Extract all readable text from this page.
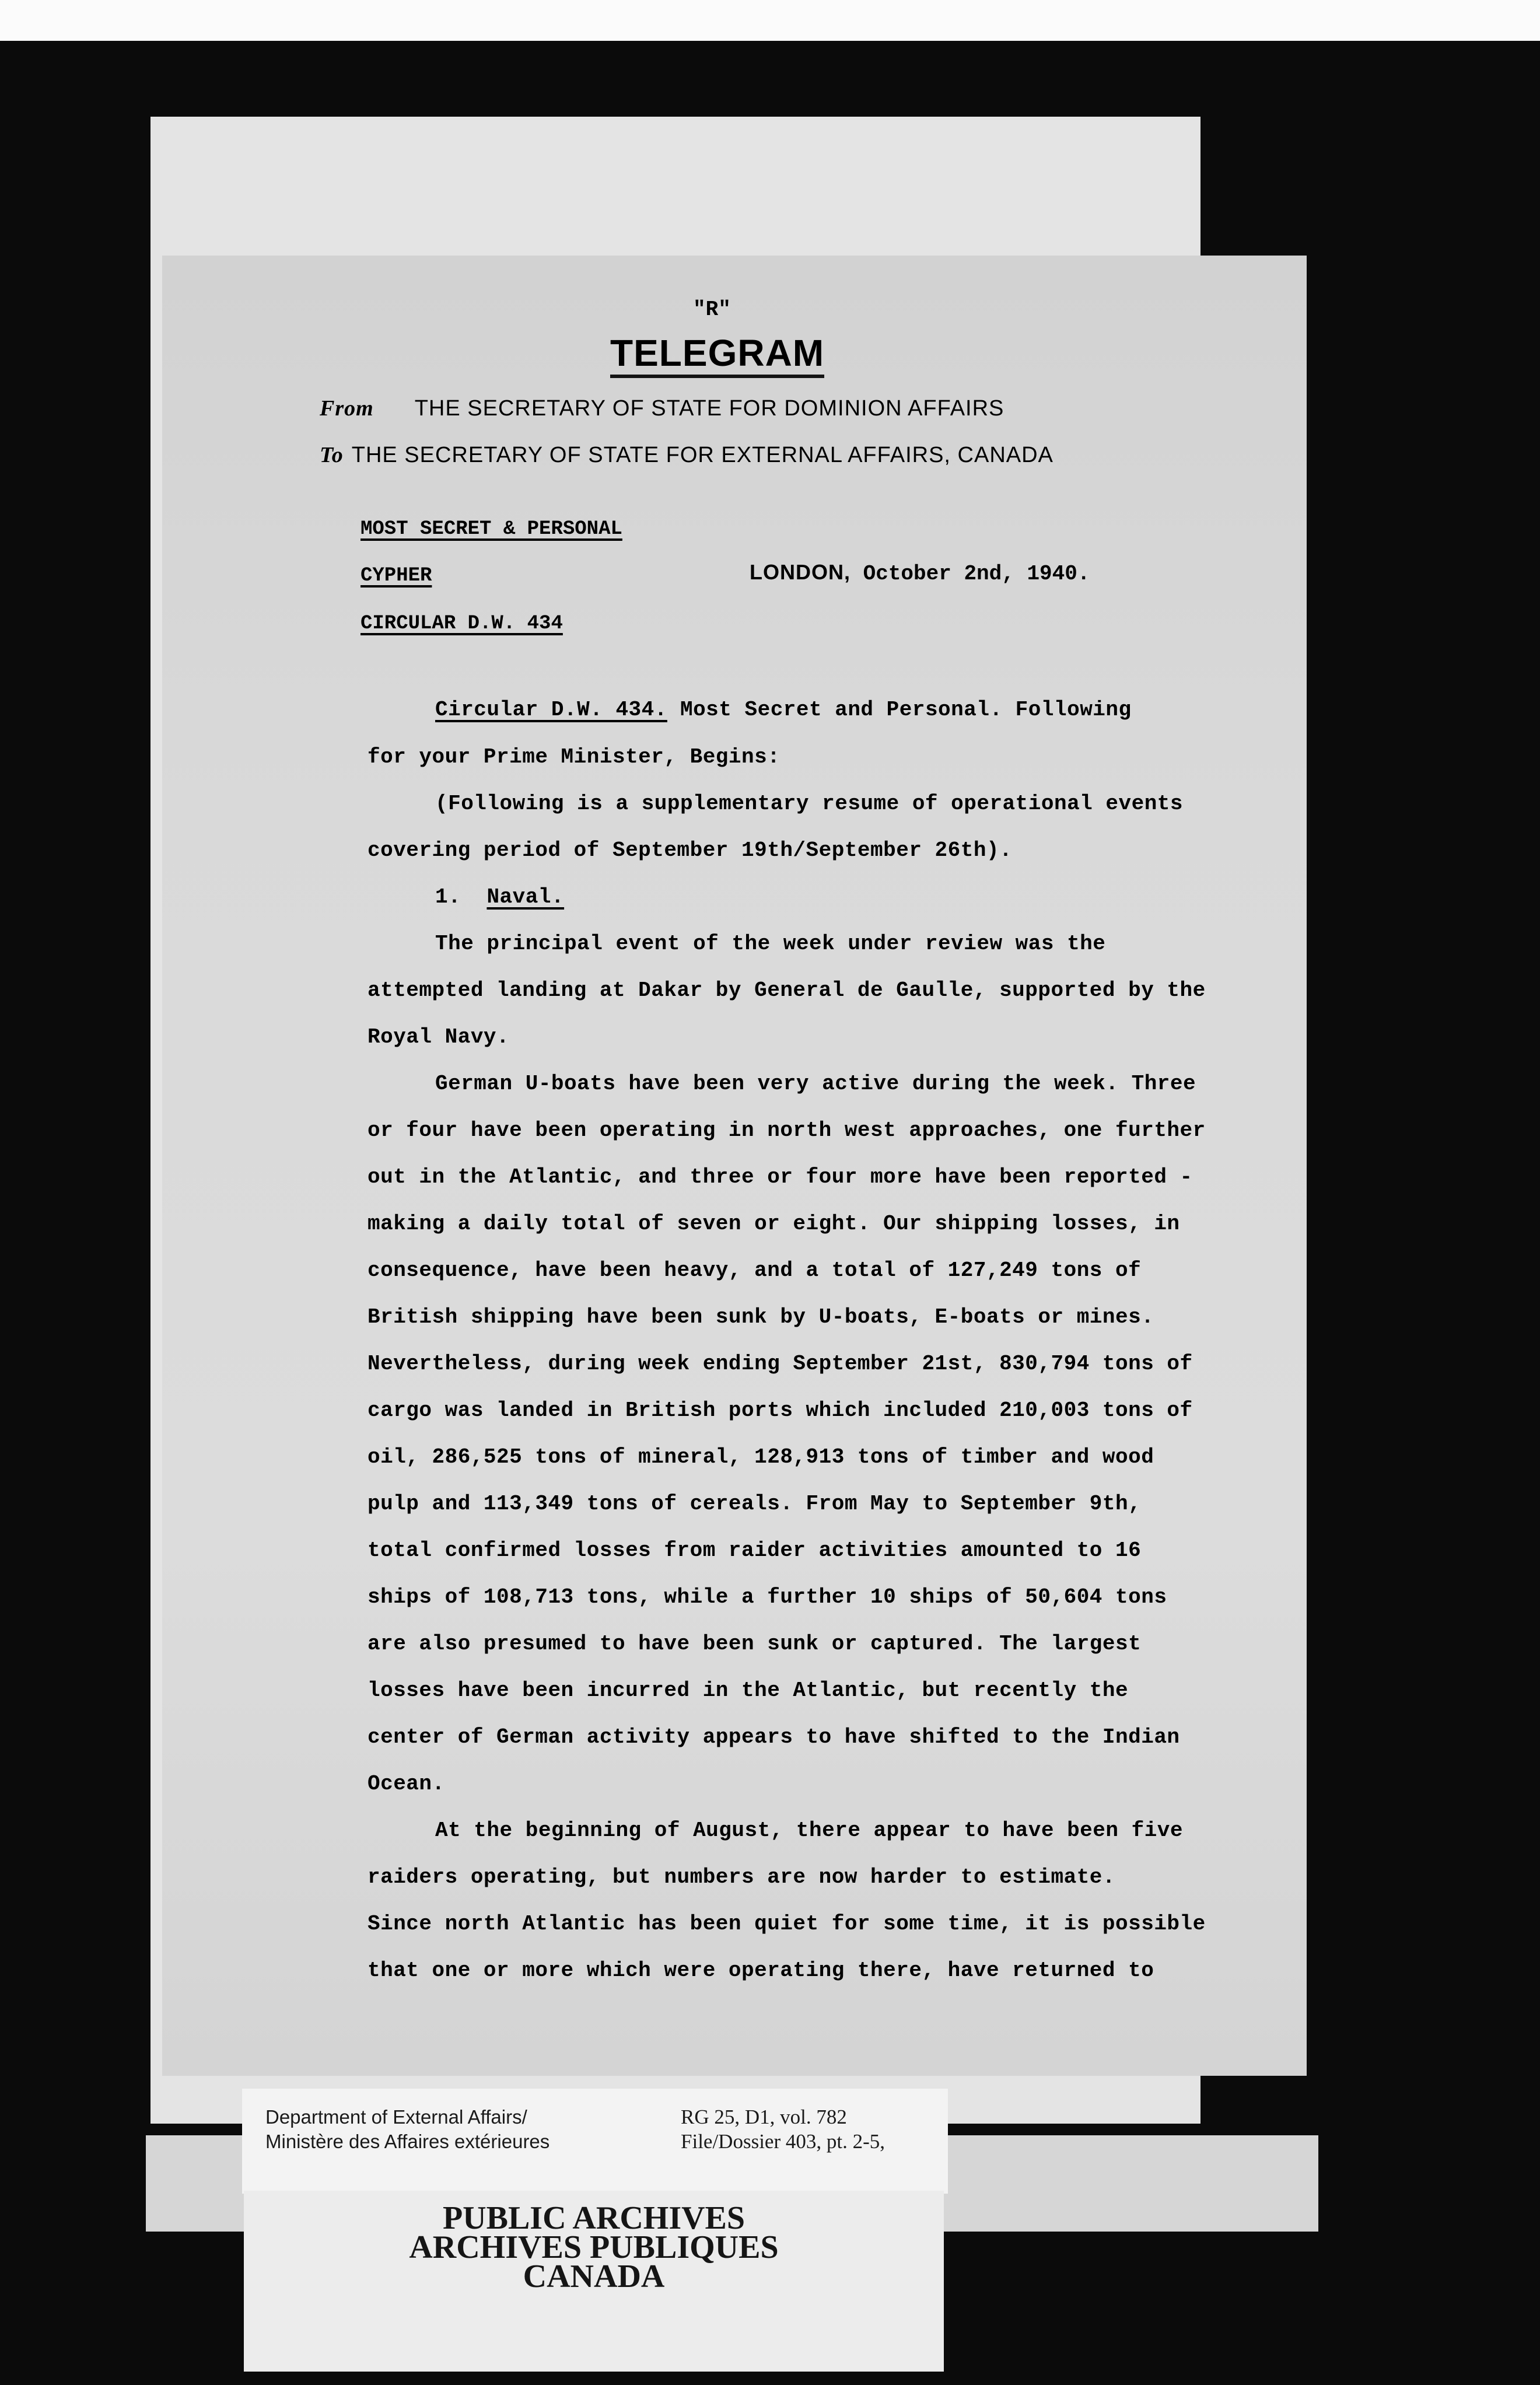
"R"

TELEGRAM

From THE SECRETARY OF STATE FOR DOMINION AFFAIRS

To THE SECRETARY OF STATE FOR EXTERNAL AFFAIRS, CANADA

MOST SECRET & PERSONAL

CYPHER

CIRCULAR D.W. 434

LONDON, October 2nd, 1940.

Circular D.W. 434. Most Secret and Personal. Following

for your Prime Minister, Begins:

(Following is a supplementary resume of operational events

covering period of September 19th/September 26th).

1. Naval.

The principal event of the week under review was the

attempted landing at Dakar by General de Gaulle, supported by the

Royal Navy.

German U-boats have been very active during the week. Three

or four have been operating in north west approaches, one further

out in the Atlantic, and three or four more have been reported -

making a daily total of seven or eight. Our shipping losses, in

consequence, have been heavy, and a total of 127,249 tons of

British shipping have been sunk by U-boats, E-boats or mines.

Nevertheless, during week ending September 21st, 830,794 tons of

cargo was landed in British ports which included 210,003 tons of

oil, 286,525 tons of mineral, 128,913 tons of timber and wood

pulp and 113,349 tons of cereals. From May to September 9th,

total confirmed losses from raider activities amounted to 16

ships of 108,713 tons, while a further 10 ships of 50,604 tons

are also presumed to have been sunk or captured. The largest

losses have been incurred in the Atlantic, but recently the

center of German activity appears to have shifted to the Indian

Ocean.

At the beginning of August, there appear to have been five

raiders operating, but numbers are now harder to estimate.

Since north Atlantic has been quiet for some time, it is possible

that one or more which were operating there, have returned to

Department of External Affairs/
Ministère des Affaires extérieures
RG 25, D1, vol. 782
File/Dossier 403, pt. 2-5,
PUBLIC ARCHIVES
ARCHIVES PUBLIQUES
CANADA
